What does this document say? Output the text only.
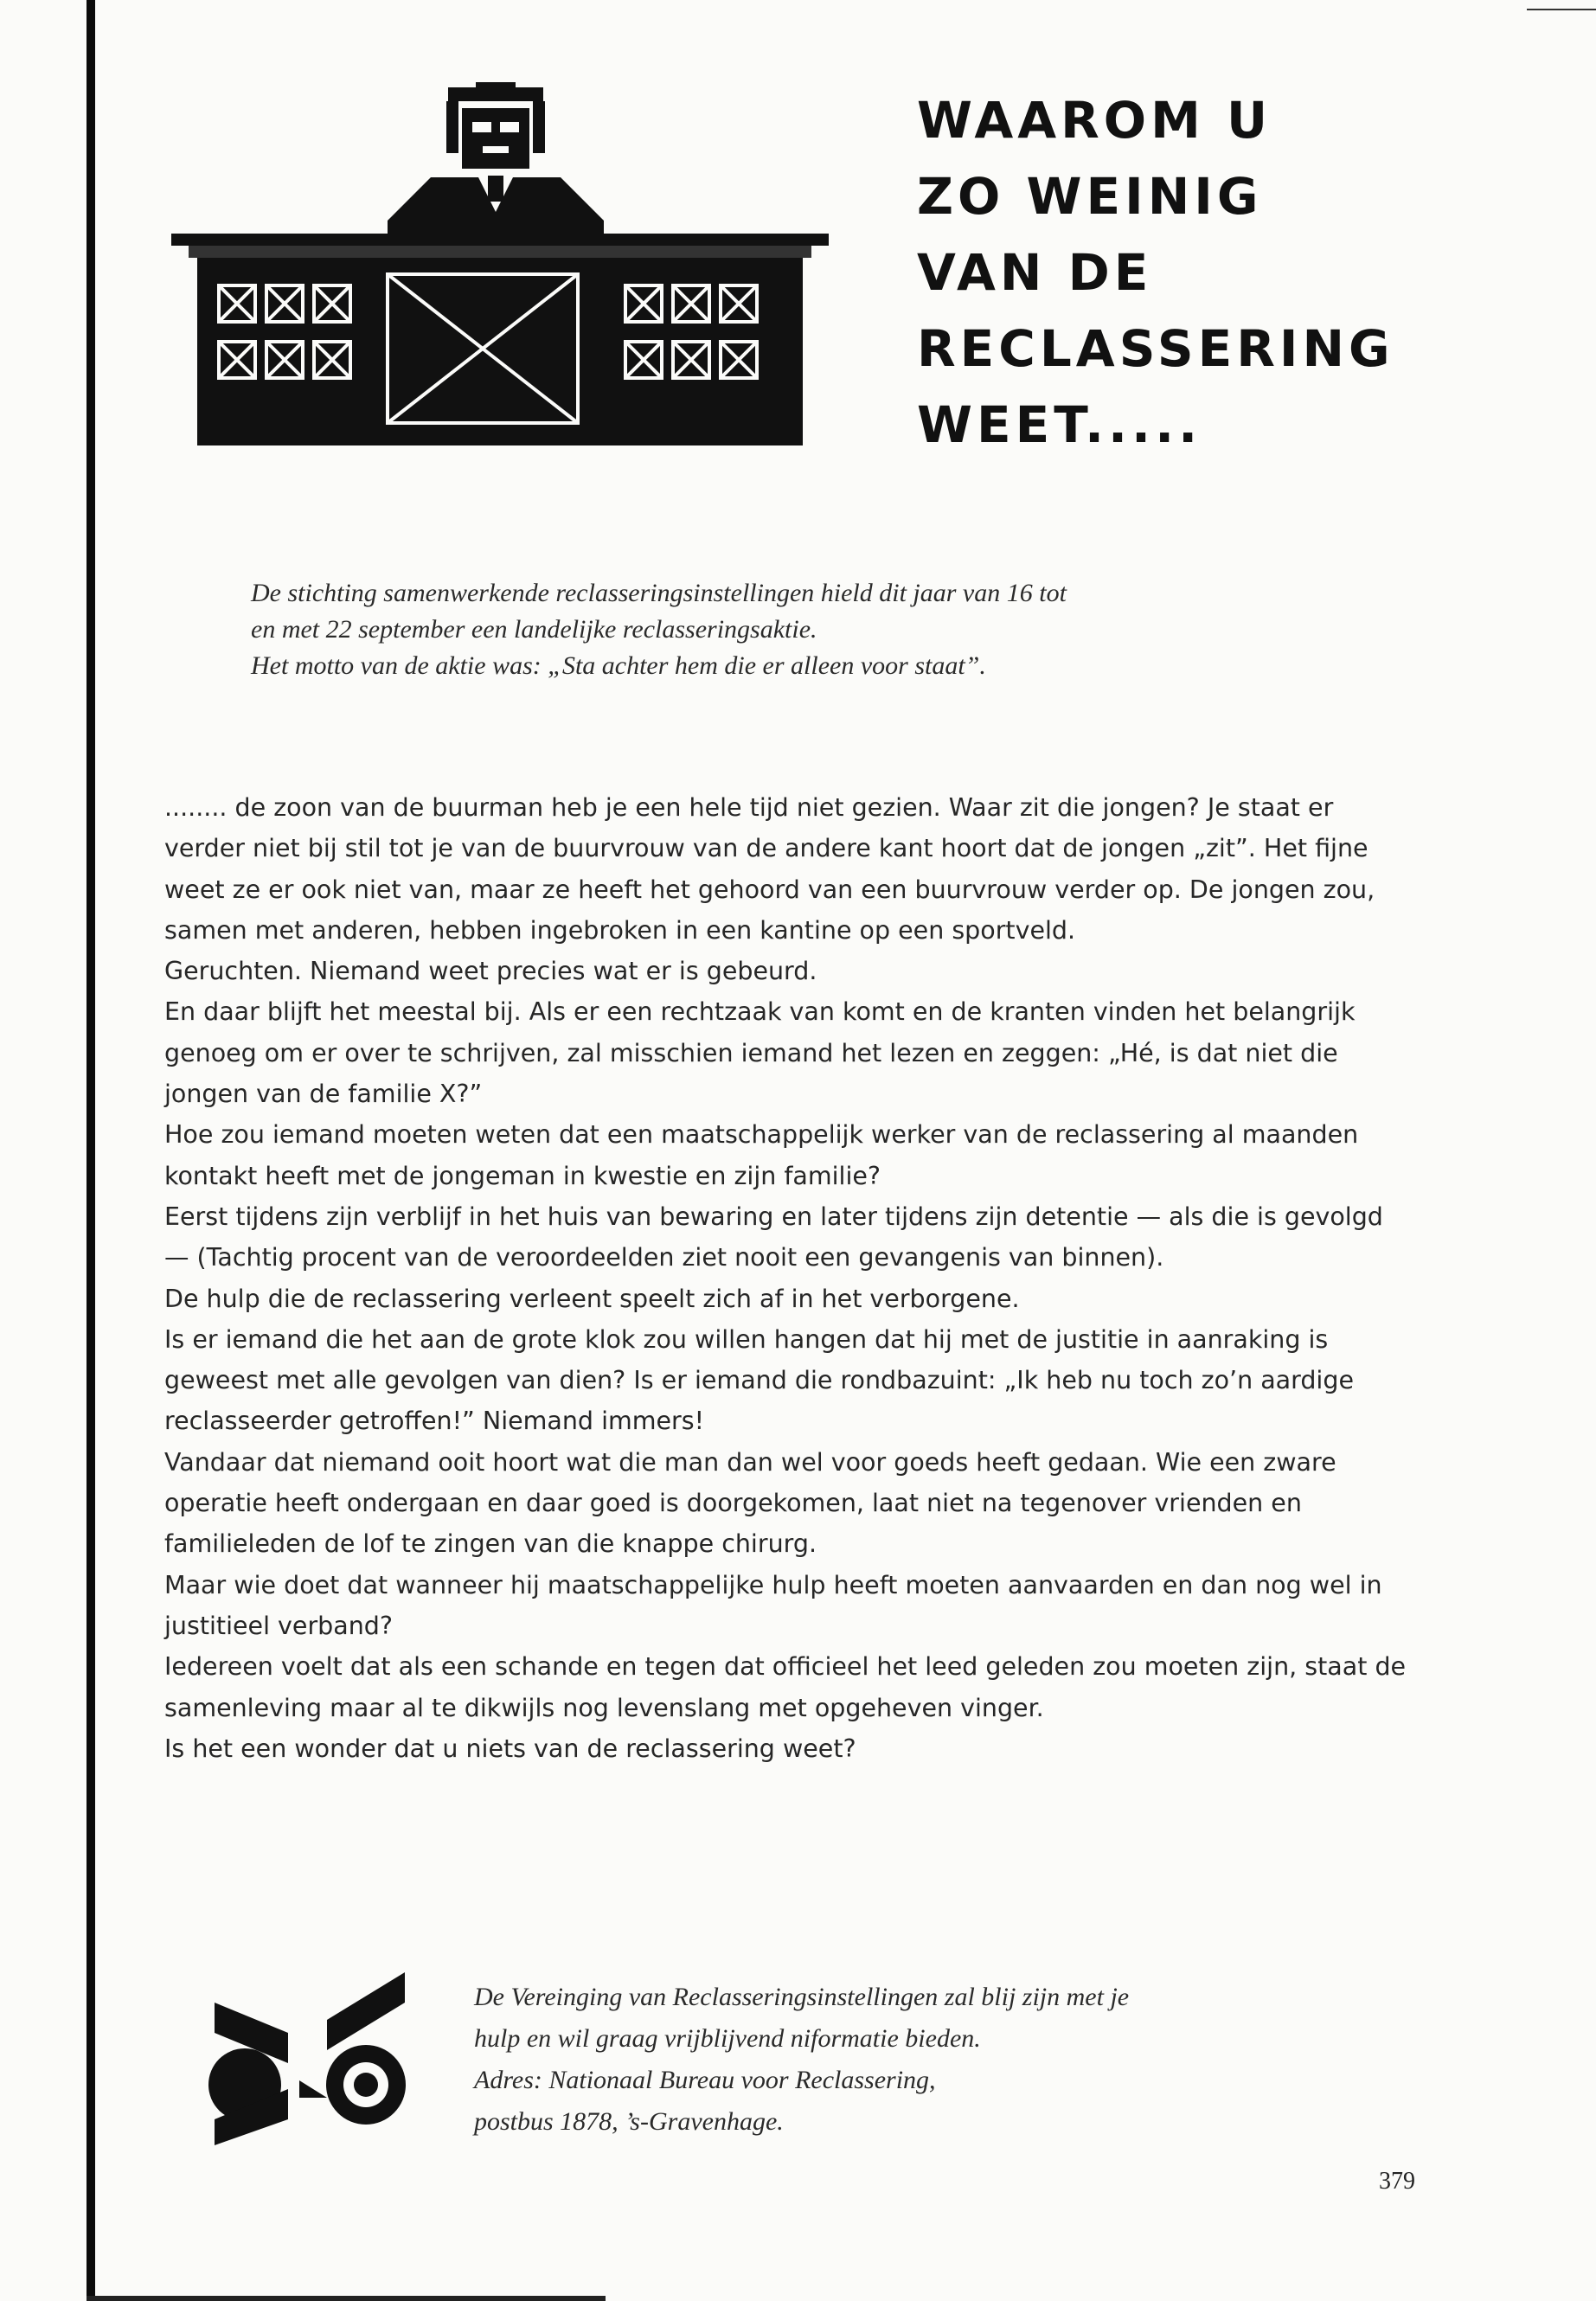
WAAROM U
ZO WEINIG
VAN DE
RECLASSERING
WEET.....

De stichting samenwerkende reclasseringsinstellingen hield dit jaar van 16 tot

en met 22 september een landelijke reclasseringsaktie.

Het motto van de aktie was: „Sta achter hem die er alleen voor staat”.

........ de zoon van de buurman heb je een hele tijd niet gezien. Waar zit die jongen? Je staat er verder niet bij stil tot je van de buurvrouw van de andere kant hoort dat de jongen „zit”. Het fijne weet ze er ook niet van, maar ze heeft het gehoord van een buurvrouw verder op. De jongen zou, samen met anderen, hebben ingebroken in een kantine op een sportveld.

Geruchten. Niemand weet precies wat er is gebeurd.

En daar blijft het meestal bij. Als er een rechtzaak van komt en de kranten vinden het belangrijk genoeg om er over te schrijven, zal misschien iemand het lezen en zeggen: „Hé, is dat niet die jongen van de familie X?”

Hoe zou iemand moeten weten dat een maatschappelijk werker van de reclassering al maanden kontakt heeft met de jongeman in kwestie en zijn familie?

Eerst tijdens zijn verblijf in het huis van bewaring en later tijdens zijn detentie — als die is gevolgd — (Tachtig procent van de veroordeelden ziet nooit een gevangenis van binnen).

De hulp die de reclassering verleent speelt zich af in het verborgene.

Is er iemand die het aan de grote klok zou willen hangen dat hij met de justitie in aanraking is geweest met alle gevolgen van dien? Is er iemand die rondbazuint: „Ik heb nu toch zo’n aardige reclasseerder getroffen!” Niemand immers!

Vandaar dat niemand ooit hoort wat die man dan wel voor goeds heeft gedaan. Wie een zware operatie heeft ondergaan en daar goed is doorgekomen, laat niet na tegenover vrienden en familieleden de lof te zingen van die knappe chirurg.

Maar wie doet dat wanneer hij maatschappelijke hulp heeft moeten aanvaarden en dan nog wel in justitieel verband?

Iedereen voelt dat als een schande en tegen dat officieel het leed geleden zou moeten zijn, staat de samenleving maar al te dikwijls nog levenslang met opgeheven vinger.

Is het een wonder dat u niets van de reclassering weet?

De Vereinging van Reclasseringsinstellingen zal blij zijn met je

hulp en wil graag vrijblijvend niformatie bieden.

Adres: Nationaal Bureau voor Reclassering,

postbus 1878, ’s-Gravenhage.

379
